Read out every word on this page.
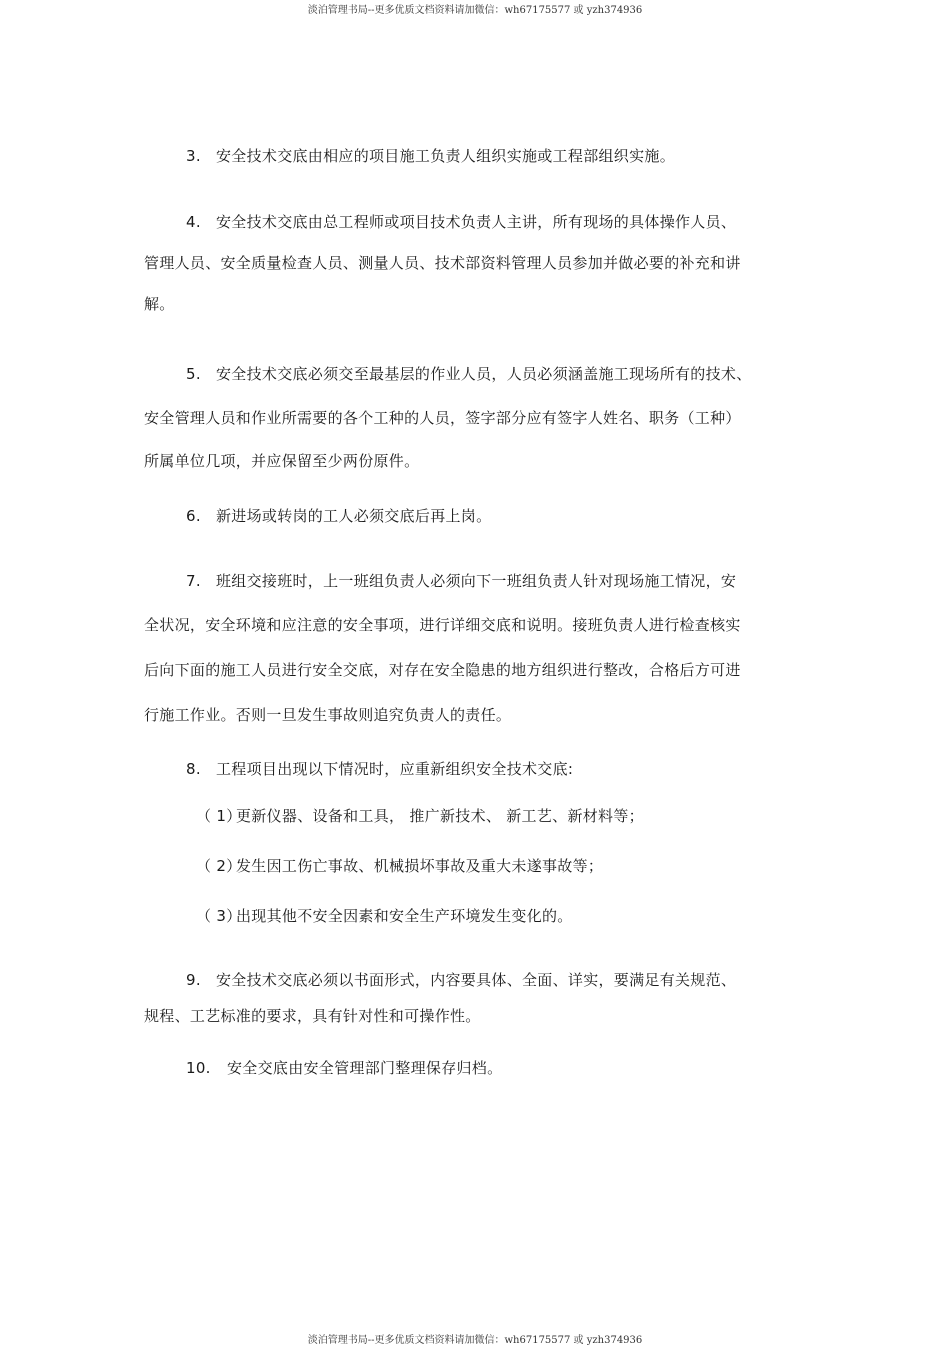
淡泊管理书局--更多优质文档资料请加微信：wh67175577 或 yzh374936
3. 安全技术交底由相应的项目施工负责人组织实施或工程部组织实施。
4. 安全技术交底由总工程师或项目技术负责人主讲，所有现场的具体操作人员、
管理人员、安全质量检查人员、测量人员、技术部资料管理人员参加并做必要的补充和讲
解。
5. 安全技术交底必须交至最基层的作业人员，人员必须涵盖施工现场所有的技术、
安全管理人员和作业所需要的各个工种的人员，签字部分应有签字人姓名、职务（工种）
所属单位几项，并应保留至少两份原件。
6. 新进场或转岗的工人必须交底后再上岗。
7. 班组交接班时，上一班组负责人必须向下一班组负责人针对现场施工情况，安
全状况，安全环境和应注意的安全事项，进行详细交底和说明。接班负责人进行检查核实
后向下面的施工人员进行安全交底，对存在安全隐患的地方组织进行整改，合格后方可进
行施工作业。否则一旦发生事故则追究负责人的责任。
8. 工程项目出现以下情况时，应重新组织安全技术交底:
（ 1）更新仪器、设备和工具， 推广新技术、 新工艺、新材料等；
（ 2）发生因工伤亡事故、机械损坏事故及重大未遂事故等；
（ 3）出现其他不安全因素和安全生产环境发生变化的。
9. 安全技术交底必须以书面形式，内容要具体、全面、详实，要满足有关规范、
规程、工艺标准的要求，具有针对性和可操作性。
10. 安全交底由安全管理部门整理保存归档。
淡泊管理书局--更多优质文档资料请加微信：wh67175577 或 yzh374936
